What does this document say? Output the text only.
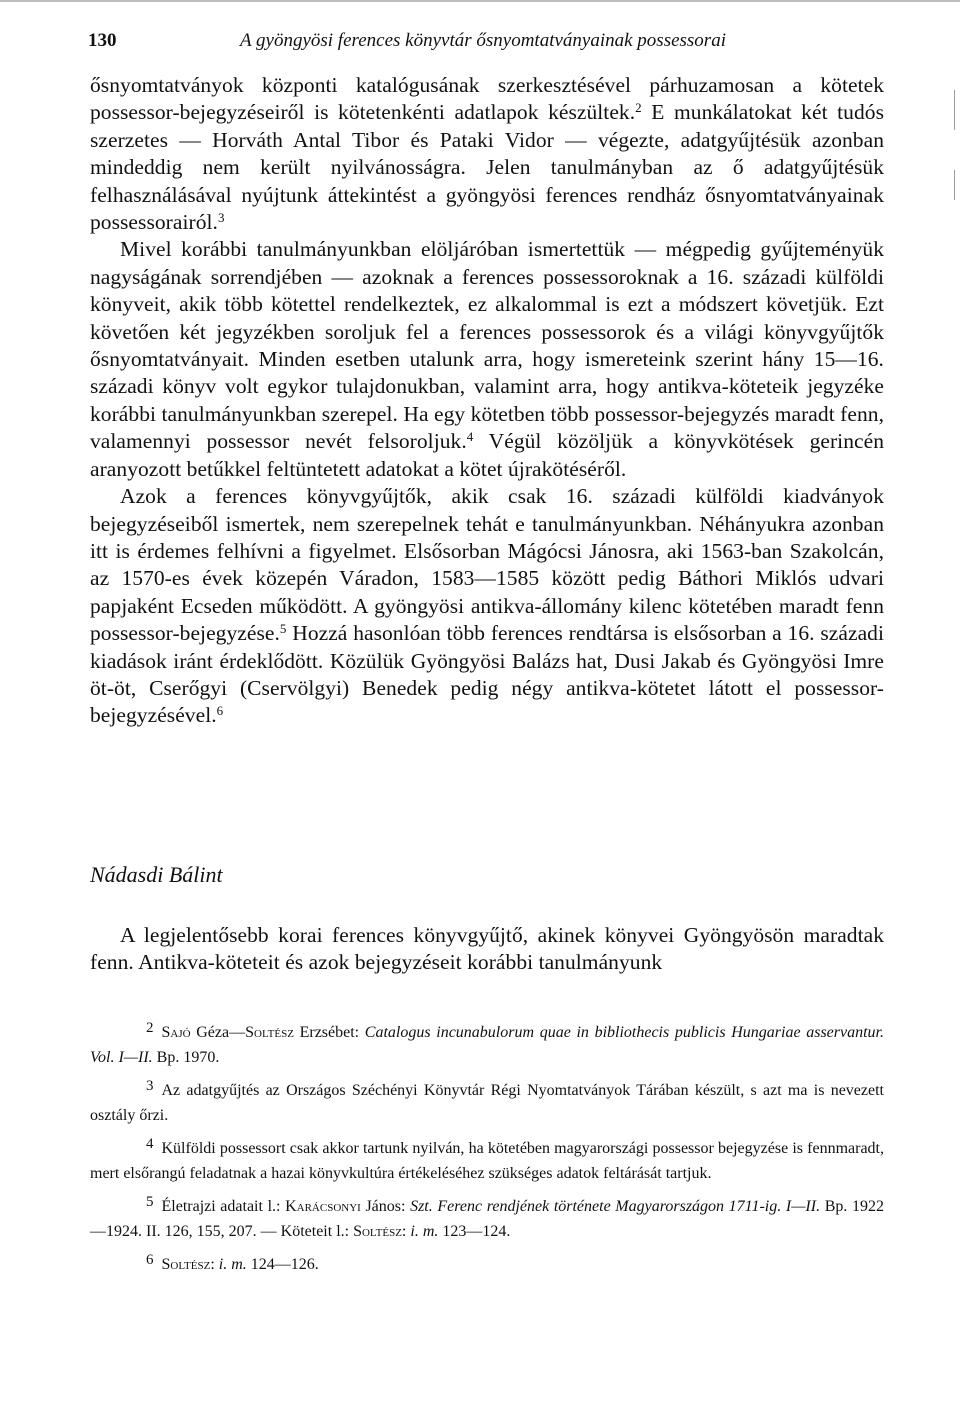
130	A gyöngyösi ferences könyvtár ősnyomtatványainak possessorai

ősnyomtatványok központi katalógusának szerkesztésével párhuzamosan a kötetek possessor-bejegyzéseiről is kötetenkénti adatlapok készültek.$^2$ E munkálatokat két tudós szerzetes — Horváth Antal Tibor és Pataki Vidor — végezte, adatgyűjtésük azonban mindeddig nem került nyilvánosságra. Jelen tanulmányban az ő adatgyűjtésük felhasználásával nyújtunk áttekintést a gyöngyösi ferences rendház ősnyomtatványainak possessorairól.$^3$

Mivel korábbi tanulmányunkban elöljáróban ismertettük — mégpedig gyűjteményük nagyságának sorrendjében — azoknak a ferences possessoroknak a 16. századi külföldi könyveit, akik több kötettel rendelkeztek, ez alkalommal is ezt a módszert követjük. Ezt követően két jegyzékben soroljuk fel a ferences possessorok és a világi könyvgyűjtők ősnyomtatványait. Minden esetben utalunk arra, hogy ismereteink szerint hány 15—16. századi könyv volt egykor tulajdonukban, valamint arra, hogy antikva-köteteik jegyzéke korábbi tanulmányunkban szerepel. Ha egy kötetben több possessor-bejegyzés maradt fenn, valamennyi possessor nevét felsoroljuk.$^4$ Végül közöljük a könyvkötések gerincén aranyozott betűkkel feltüntetett adatokat a kötet újrakötéséről.

Azok a ferences könyvgyűjtők, akik csak 16. századi külföldi kiadványok bejegyzéseiből ismertek, nem szerepelnek tehát e tanulmányunkban. Néhányukra azonban itt is érdemes felhívni a figyelmet. Elsősorban Mágócsi Jánosra, aki 1563-ban Szakolcán, az 1570-es évek közepén Váradon, 1583—1585 között pedig Báthori Miklós udvari papjaként Ecseden működött. A gyöngyösi antikva-állomány kilenc kötetében maradt fenn possessor-bejegyzése.$^5$ Hozzá hasonlóan több ferences rendtársa is elsősorban a 16. századi kiadások iránt érdeklődött. Közülük Gyöngyösi Balázs hat, Dusi Jakab és Gyöngyösi Imre öt-öt, Cserőgyi (Cservölgyi) Benedek pedig négy antikva-kötetet látott el possessor-bejegyzésével.$^6$

Nádasdi Bálint

A legjelentősebb korai ferences könyvgyűjtő, akinek könyvei Gyöngyösön maradtak fenn. Antikva-köteteit és azok bejegyzéseit korábbi tanulmányunk

2 Sajó Géza—Soltész Erzsébet: Catalogus incunabulorum quae in bibliothecis publicis Hungariae asservantur. Vol. I—II. Bp. 1970.

3 Az adatgyűjtés az Országos Széchényi Könyvtár Régi Nyomtatványok Tárában készült, s azt ma is nevezett osztály őrzi.

4 Külföldi possessort csak akkor tartunk nyilván, ha kötetében magyarországi possessor bejegyzése is fennmaradt, mert elsőrangú feladatnak a hazai könyvkultúra értékeléséhez szükséges adatok feltárását tartjuk.

5 Életrajzi adatait l.: Karácsonyi János: Szt. Ferenc rendjének története Magyarországon 1711-ig. I—II. Bp. 1922—1924. II. 126, 155, 207. — Köteteit l.: Soltész: i. m. 123—124.

6 Soltész: i. m. 124—126.
